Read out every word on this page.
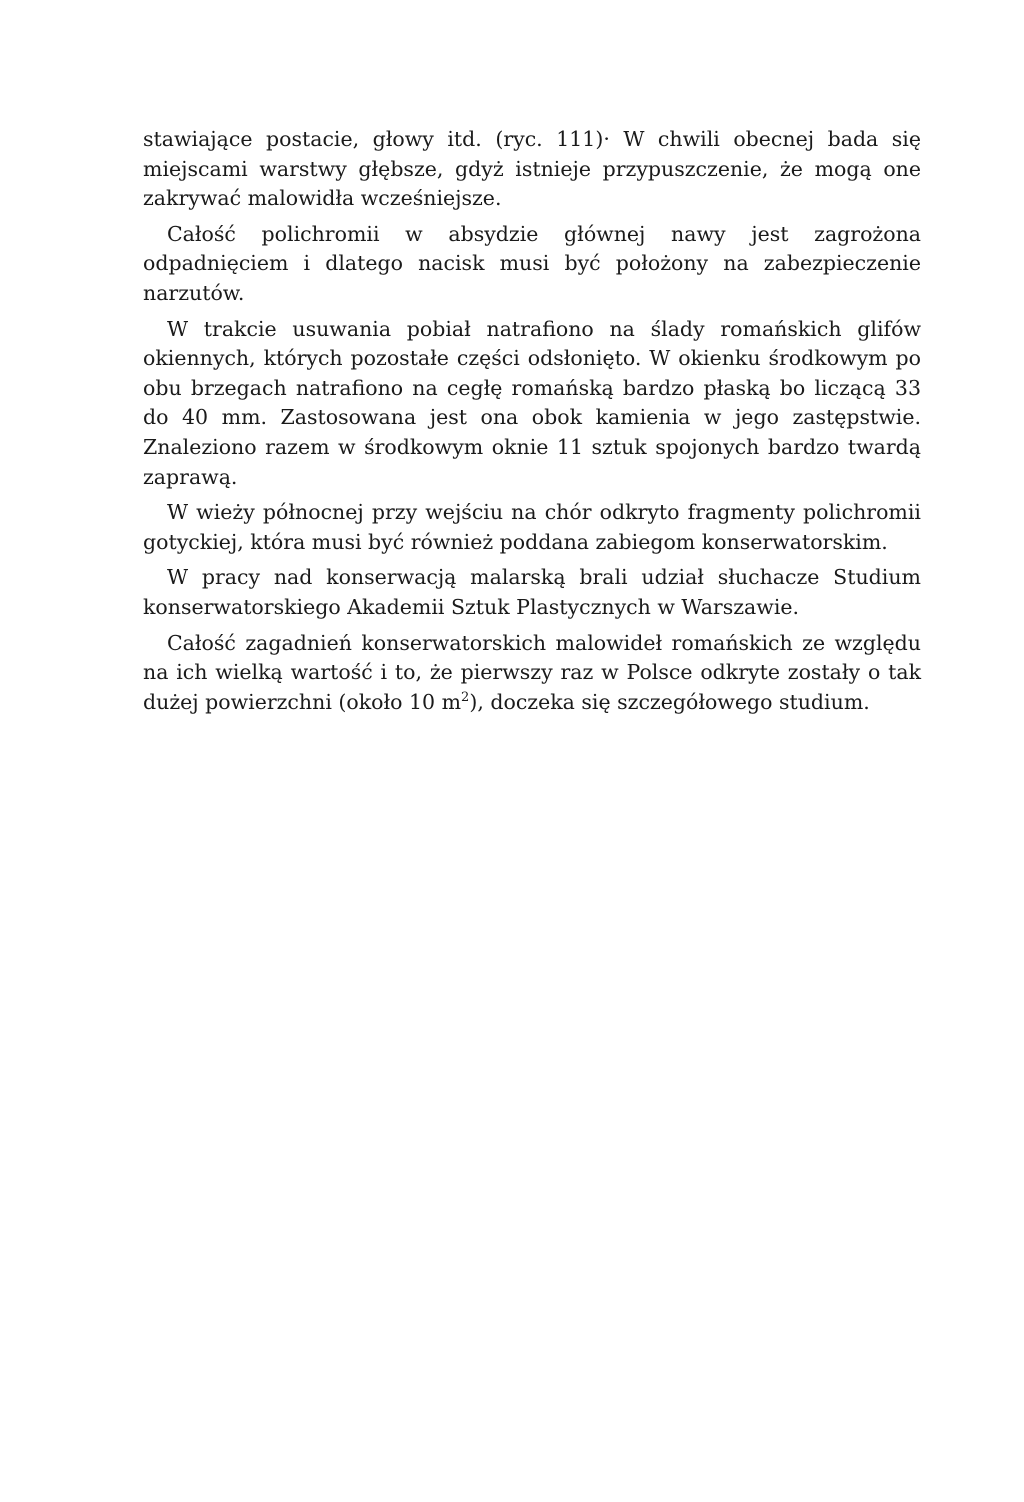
stawiające postacie, głowy itd. (ryc. 111)· W chwili obecnej bada się miejscami warstwy głębsze, gdyż istnieje przypuszczenie, że mogą one zakrywać malowidła wcześniejsze.

Całość polichromii w absydzie głównej nawy jest zagrożona odpadnięciem i dlatego nacisk musi być położony na zabezpieczenie narzutów.

W trakcie usuwania pobiał natrafiono na ślady romańskich glifów okiennych, których pozostałe części odsłonięto. W okienku środkowym po obu brzegach natrafiono na cegłę romańską bardzo płaską bo liczącą 33 do 40 mm. Zastosowana jest ona obok kamienia w jego zastępstwie. Znaleziono razem w środkowym oknie 11 sztuk spojonych bardzo twardą zaprawą.

W wieży północnej przy wejściu na chór odkryto fragmenty polichromii gotyckiej, która musi być również poddana zabiegom konserwatorskim.

W pracy nad konserwacją malarską brali udział słuchacze Studium konserwatorskiego Akademii Sztuk Plastycznych w Warszawie.

Całość zagadnień konserwatorskich malowideł romańskich ze względu na ich wielką wartość i to, że pierwszy raz w Polsce odkryte zostały o tak dużej powierzchni (około 10 $m^2$), doczeka się szczegółowego studium.
